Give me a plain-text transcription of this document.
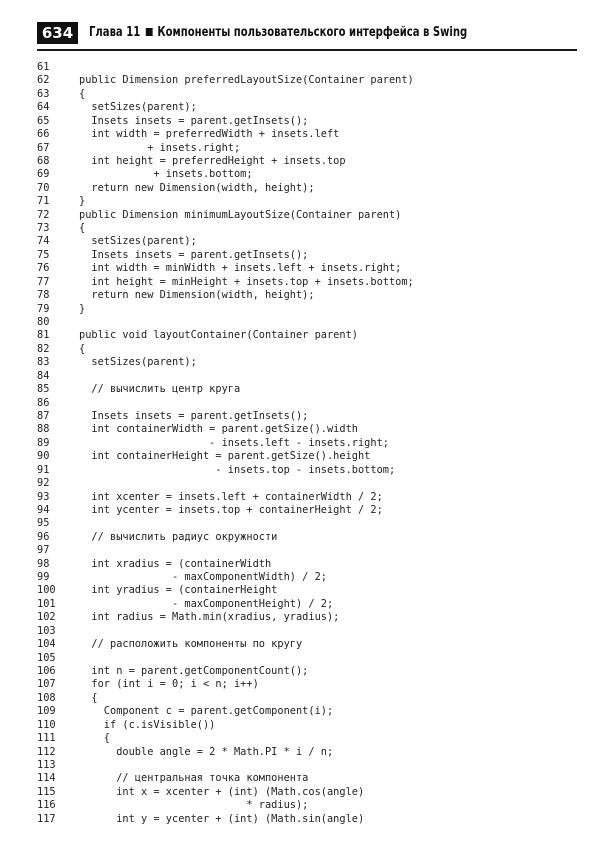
634	Глава 11 Компоненты пользовательского интерфейса в Swing
61
62	public Dimension preferredLayoutSize(Container parent)
63	{
64	setSizes(parent);
65	Insets insets = parent.getInsets();
66	int width = preferredWidth + insets.left
67	+ insets.right;
68	int height = preferredHeight + insets.top
69	+ insets.bottom;
70	return new Dimension(width, height);
71	}
72	public Dimension minimumLayoutSize(Container parent)
73	{
74	setSizes(parent);
75	Insets insets = parent.getInsets();
76	int width = minWidth + insets.left + insets.right;
77	int height = minHeight + insets.top + insets.bottom;
78	return new Dimension(width, height);
79	}
80
81	public void layoutContainer(Container parent)
82	{
83	setSizes(parent);
84
85	// вычислить центр круга
86
87	Insets insets = parent.getInsets();
88	int containerWidth = parent.getSize().width
89	- insets.left - insets.right;
90	int containerHeight = parent.getSize().height
91	- insets.top - insets.bottom;
92
93	int xcenter = insets.left + containerWidth / 2;
94	int ycenter = insets.top + containerHeight / 2;
95
96	// вычислить радиус окружности
97
98	int xradius = (containerWidth
99	- maxComponentWidth) / 2;
100	int yradius = (containerHeight
101	- maxComponentHeight) / 2;
102	int radius = Math.min(xradius, yradius);
103
104	// расположить компоненты по кругу
105
106	int n = parent.getComponentCount();
107	for (int i = 0; i < n; i++)
108	{
109	Component c = parent.getComponent(i);
110	if (c.isVisible())
111	{
112	double angle = 2 * Math.PI * i / n;
113
114	// центральная точка компонента
115	int x = xcenter + (int) (Math.cos(angle)
116	* radius);
117	int y = ycenter + (int) (Math.sin(angle)
